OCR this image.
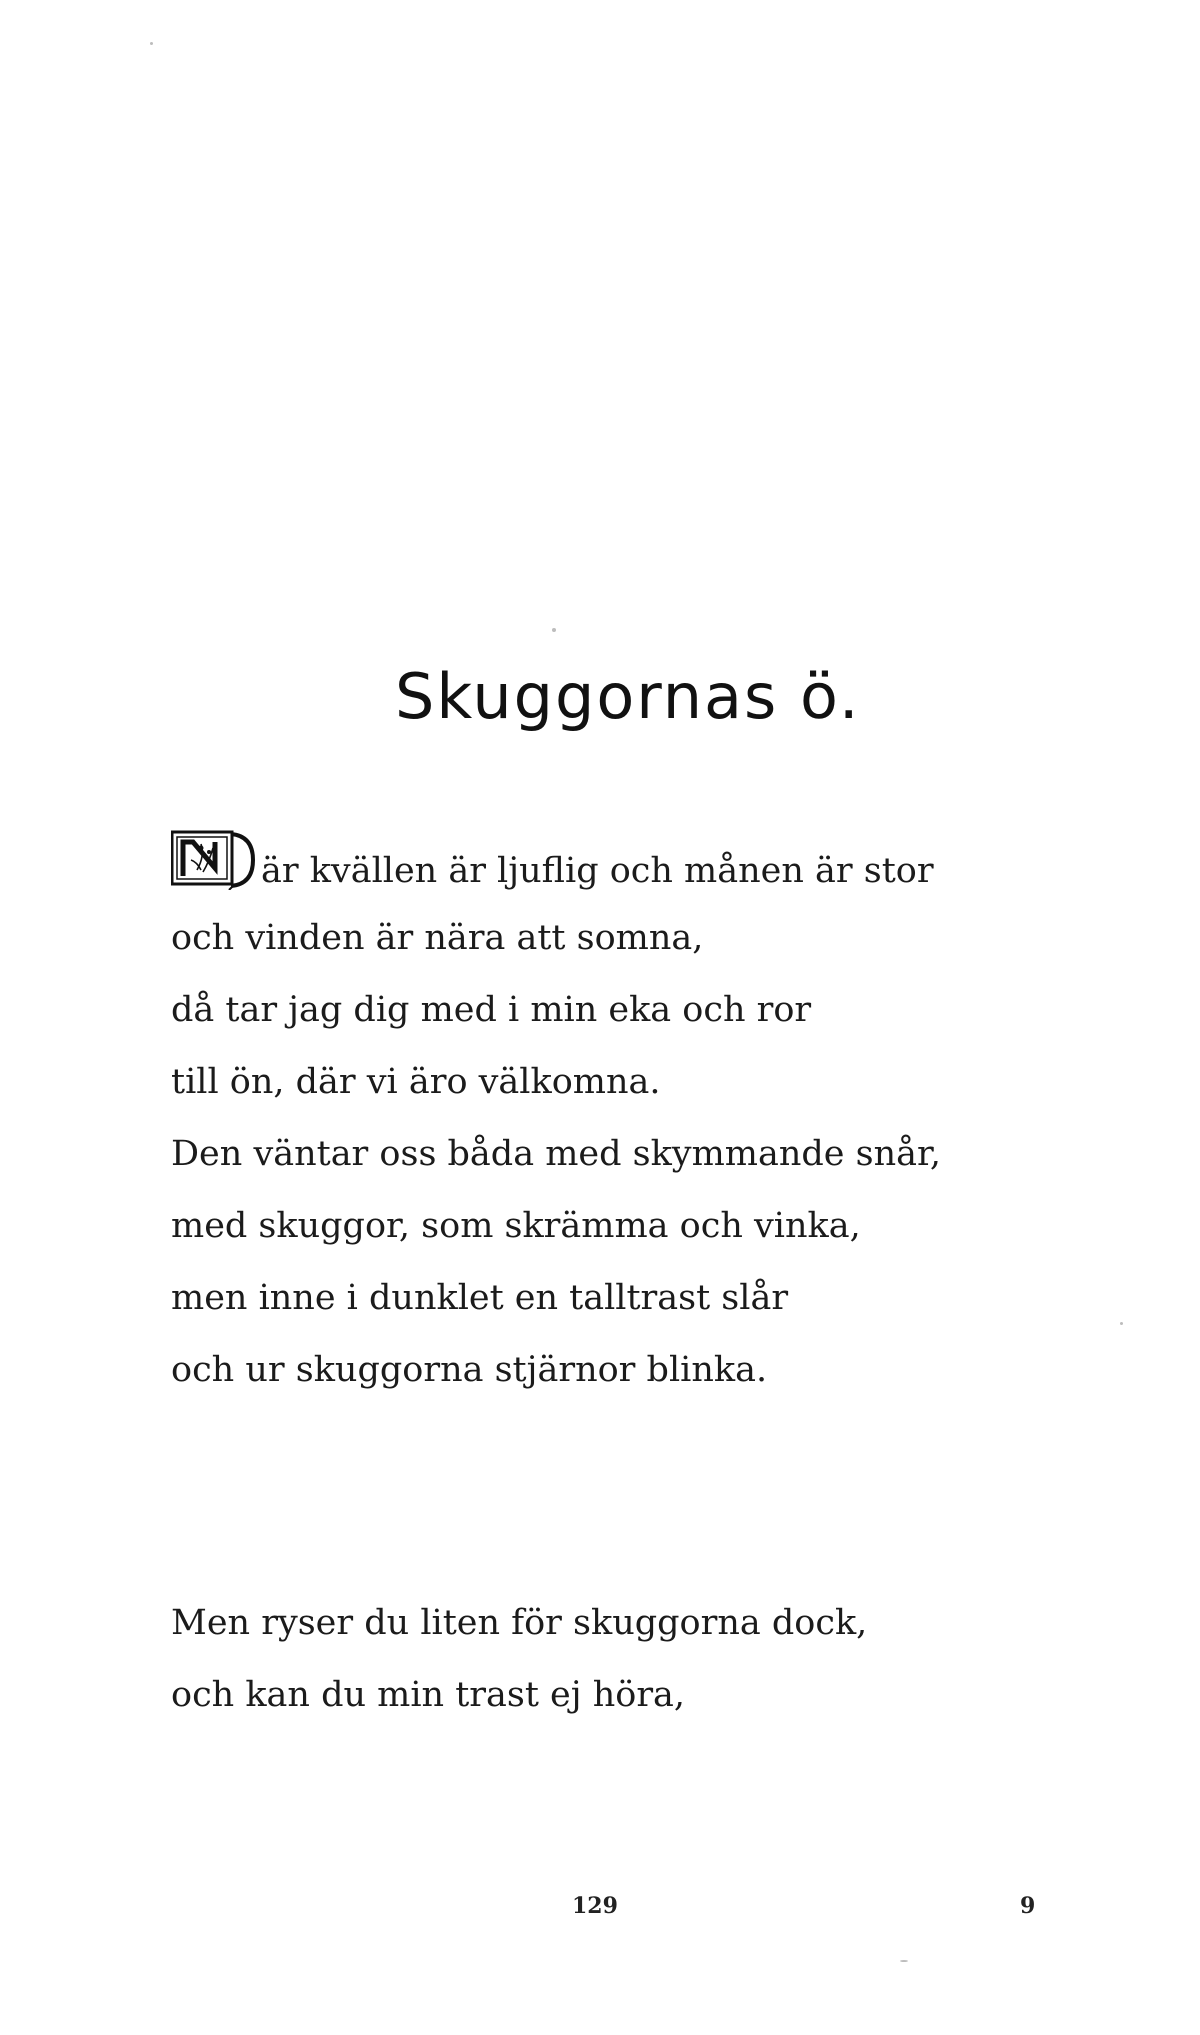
Skuggornas ö.
är kvällen är ljuflig och månen är stor
och vinden är nära att somna,
då tar jag dig med i min eka och ror
till ön, där vi äro välkomna.
Den väntar oss båda med skymmande snår,
med skuggor, som skrämma och vinka,
men inne i dunklet en talltrast slår
och ur skuggorna stjärnor blinka.
Men ryser du liten för skuggorna dock,
och kan du min trast ej höra,
129	9
